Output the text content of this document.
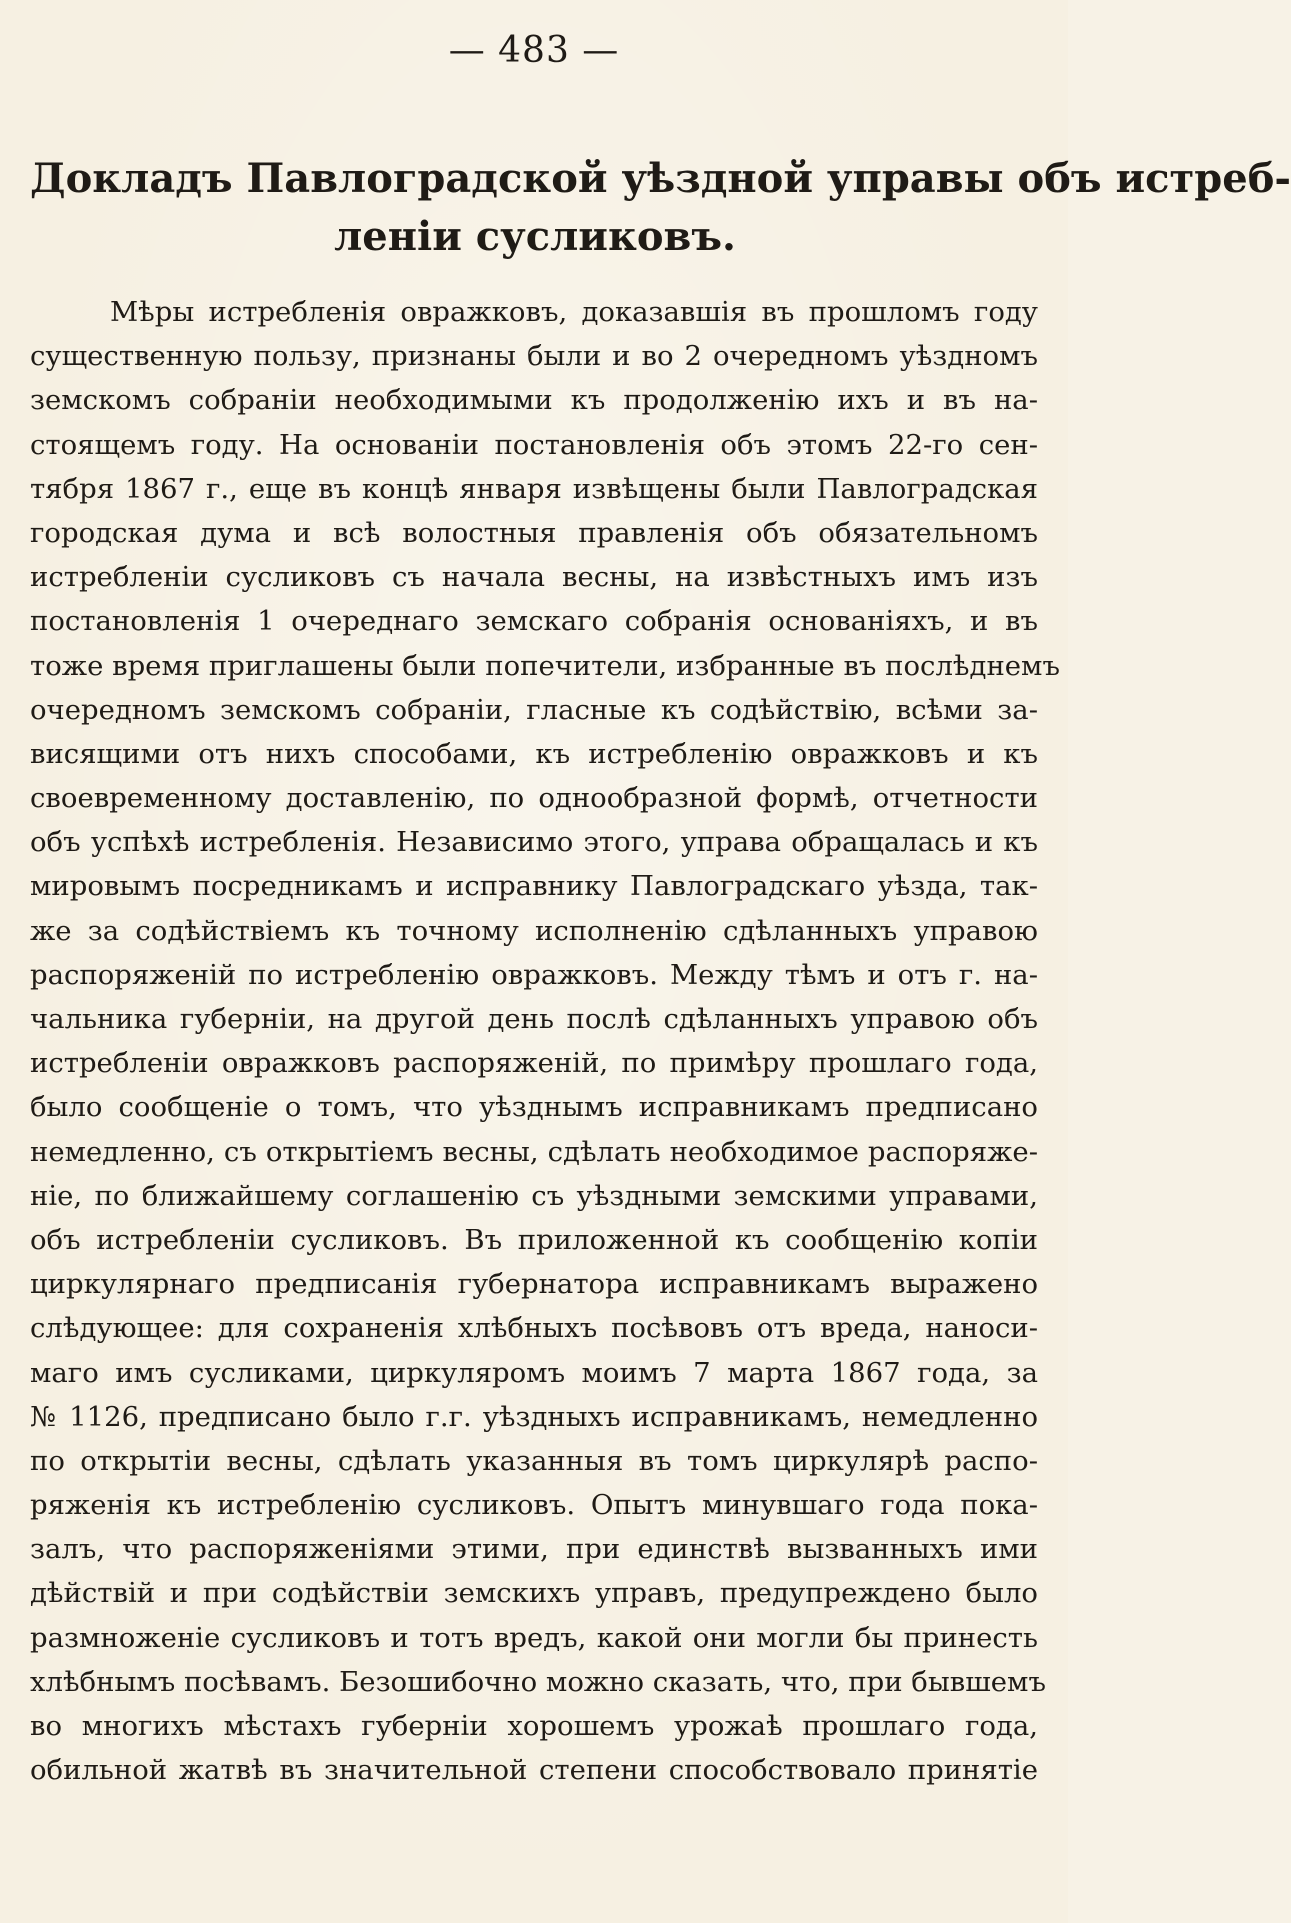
— 483 —
Докладъ Павлоградской уѣздной управы объ истреб-
леніи сусликовъ.
Мѣры истребленія овражковъ, доказавшія въ прошломъ году
существенную пользу, признаны были и во 2 очередномъ уѣздномъ
земскомъ собраніи необходимыми къ продолженію ихъ и въ на-
стоящемъ году. На основаніи постановленія объ этомъ 22-го сен-
тября 1867 г., еще въ концѣ января извѣщены были Павлоградская
городская дума и всѣ волостныя правленія объ обязательномъ
истребленіи сусликовъ съ начала весны, на извѣстныхъ имъ изъ
постановленія 1 очереднаго земскаго собранія основаніяхъ, и въ
тоже время приглашены были попечители, избранные въ послѣднемъ
очередномъ земскомъ собраніи, гласные къ содѣйствію, всѣми за-
висящими отъ нихъ способами, къ истребленію овражковъ и къ
своевременному доставленію, по однообразной формѣ, отчетности
объ успѣхѣ истребленія. Независимо этого, управа обращалась и къ
мировымъ посредникамъ и исправнику Павлоградскаго уѣзда, так-
же за содѣйствіемъ къ точному исполненію сдѣланныхъ управою
распоряженій по истребленію овражковъ. Между тѣмъ и отъ г. на-
чальника губерніи, на другой день послѣ сдѣланныхъ управою объ
истребленіи овражковъ распоряженій, по примѣру прошлаго года,
было сообщеніе о томъ, что уѣзднымъ исправникамъ предписано
немедленно, съ открытіемъ весны, сдѣлать необходимое распоряже-
ніе, по ближайшему соглашенію съ уѣздными земскими управами,
объ истребленіи сусликовъ. Въ приложенной къ сообщенію копіи
циркулярнаго предписанія губернатора исправникамъ выражено
слѣдующее: для сохраненія хлѣбныхъ посѣвовъ отъ вреда, наноси-
маго имъ сусликами, циркуляромъ моимъ 7 марта 1867 года, за
№ 1126, предписано было г.г. уѣздныхъ исправникамъ, немедленно
по открытіи весны, сдѣлать указанныя въ томъ циркулярѣ распо-
ряженія къ истребленію сусликовъ. Опытъ минувшаго года пока-
залъ, что распоряженіями этими, при единствѣ вызванныхъ ими
дѣйствій и при содѣйствіи земскихъ управъ, предупреждено было
размноженіе сусликовъ и тотъ вредъ, какой они могли бы принесть
хлѣбнымъ посѣвамъ. Безошибочно можно сказать, что, при бывшемъ
во многихъ мѣстахъ губерніи хорошемъ урожаѣ прошлаго года,
обильной жатвѣ въ значительной степени способствовало принятіе
